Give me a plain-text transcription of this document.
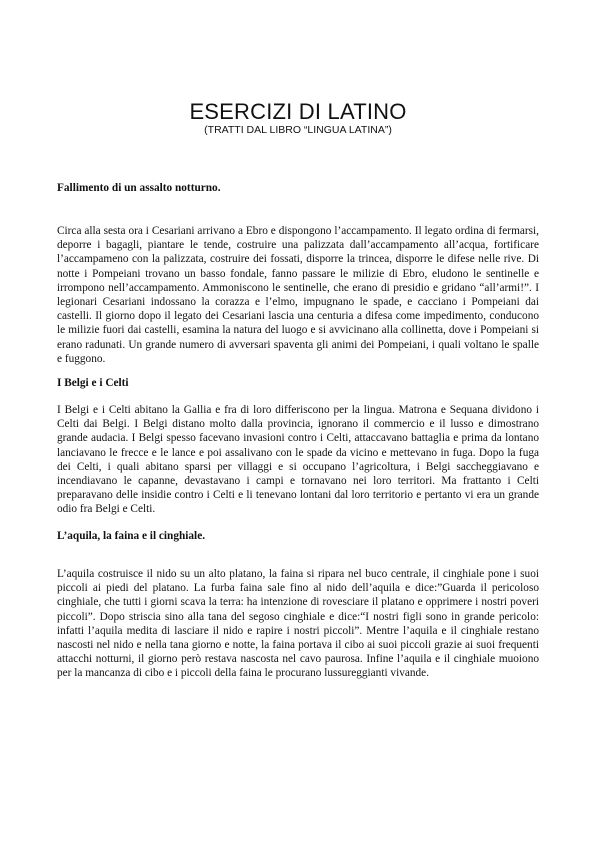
ESERCIZI DI LATINO

(TRATTI DAL LIBRO “LINGUA LATINA”)

Fallimento di un assalto notturno.

Circa alla sesta ora i Cesariani arrivano a Ebro e dispongono l’accampamento. Il legato ordina di fermarsi, deporre i bagagli, piantare le tende, costruire una palizzata dall’accampamento all’acqua, fortificare l’accampameno con la palizzata, costruire dei fossati, disporre la trincea, disporre le difese nelle rive. Di notte i Pompeiani trovano un basso fondale, fanno passare le milizie di Ebro, eludono le sentinelle e irrompono nell’accampamento. Ammoniscono le sentinelle, che erano di presidio e gridano “all’armi!”. I legionari Cesariani indossano la corazza e l’elmo, impugnano le spade, e cacciano i Pompeiani dai castelli. Il giorno dopo il legato dei Cesariani lascia una centuria a difesa come impedimento, conducono le milizie fuori dai castelli, esamina la natura del luogo e si avvicinano alla collinetta, dove i Pompeiani si erano radunati. Un grande numero di avversari spaventa gli animi dei Pompeiani, i quali voltano le spalle e fuggono.

I Belgi e i Celti

I Belgi e i Celti abitano la Gallia e fra di loro differiscono per la lingua. Matrona e Sequana dividono i Celti dai Belgi. I Belgi distano molto dalla provincia, ignorano il commercio e il lusso e dimostrano grande audacia. I Belgi spesso facevano invasioni contro i Celti, attaccavano battaglia e prima da lontano lanciavano le frecce e le lance e poi assalivano con le spade da vicino e mettevano in fuga. Dopo la fuga dei Celti, i quali abitano sparsi per villaggi e si occupano l’agricoltura, i Belgi saccheggiavano e incendiavano le capanne, devastavano i campi e tornavano nei loro territori. Ma frattanto i Celti preparavano delle insidie contro i Celti e li tenevano lontani dal loro territorio e pertanto vi era un grande odio fra Belgi e Celti.

L’aquila, la faina e il cinghiale.

L’aquila costruisce il nido su un alto platano, la faina si ripara nel buco centrale, il cinghiale pone i suoi piccoli ai piedi del platano. La furba faina sale fino al nido dell’aquila e dice:”Guarda il pericoloso cinghiale, che tutti i giorni scava la terra: ha intenzione di rovesciare il platano e opprimere i nostri poveri piccoli”. Dopo striscia sino alla tana del segoso cinghiale e dice:“I nostri figli sono in grande pericolo: infatti l’aquila medita di lasciare il nido e rapire i nostri piccoli”. Mentre l’aquila e il cinghiale restano nascosti nel nido e nella tana giorno e notte, la faina portava il cibo ai suoi piccoli grazie ai suoi frequenti attacchi notturni, il giorno però restava nascosta nel cavo paurosa. Infine l’aquila e il cinghiale muoiono per la mancanza di cibo e i piccoli della faina le procurano lussureggianti vivande.
